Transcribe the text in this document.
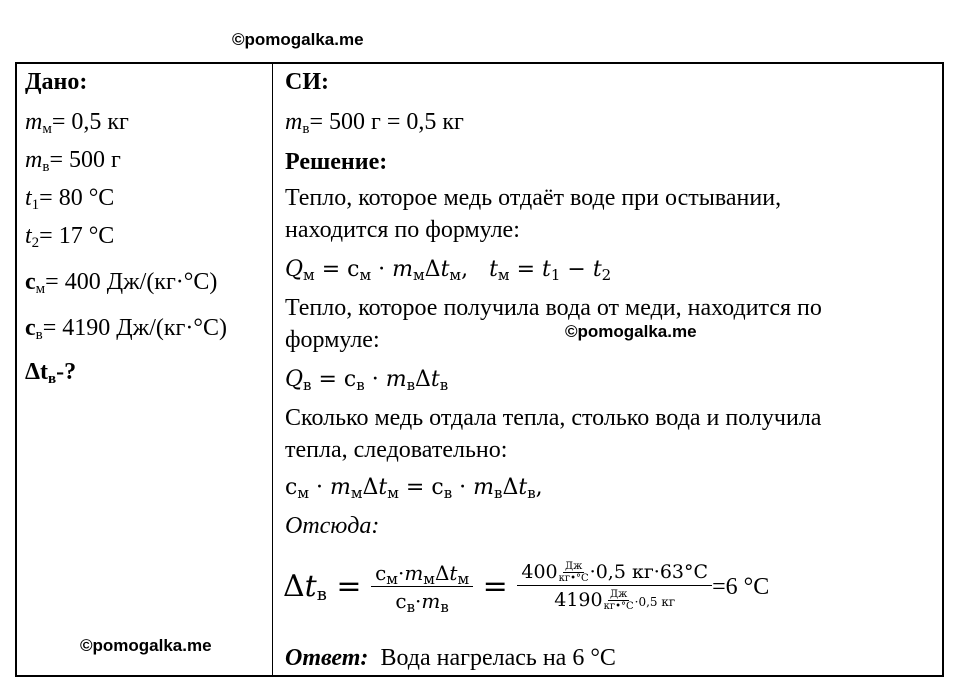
©pomogalka.me
Дано:
$m_м= 0,5$ кг
$m_в= 500$ г
$t_1= 80$ °C
$t_2= 17$ °C
$c_м= 400$ Дж/(кг·°C)
$c_в= 4190$ Дж/(кг·°C)
$\Delta t_в-$?
СИ:
$m_в= 500$ г = 0,5 кг
Решение:
Тепло, которое медь отдаёт воде при остывании,
находится по формуле:
$Q_м = с_м \cdot m_м\Delta t_м$,   $t_м = t_1 - t_2$
Тепло, которое получила вода от меди, находится по
формуле:
$Q_в = с_в \cdot m_в\Delta t_в$
Сколько медь отдала тепла, столько вода и получила
тепла, следовательно:
$с_м \cdot m_м\Delta t_м = с_в \cdot m_в\Delta t_в$,
Отсюда:
$\Delta t_в = \frac{с_м\cdot m_м\Delta t_м}{с_в\cdot m_в} = \frac{400 \frac{Дж}{кг•^\circ С} \cdot 0,5 кг\cdot 63^\circ С}{4190 \frac{Дж}{кг•^\circ С} \cdot 0,5 кг} =6$ °C
Ответ: Вода нагрелась на 6 °C
©pomogalka.me
©pomogalka.me
